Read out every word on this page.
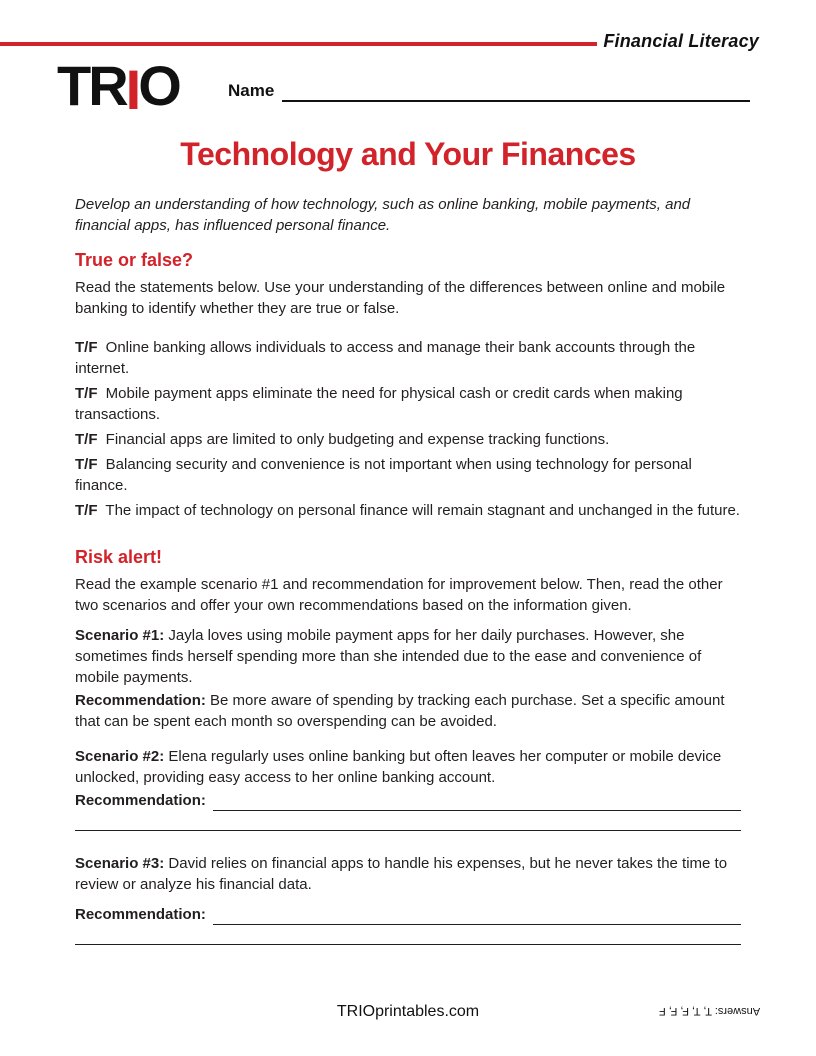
Financial Literacy
TRIO	Name
Technology and Your Finances

Develop an understanding of how technology, such as online banking, mobile payments, and financial apps, has influenced personal finance.

True or false?

Read the statements below. Use your understanding of the differences between online and mobile banking to identify whether they are true or false.

T/F Online banking allows individuals to access and manage their bank accounts through the internet.

T/F Mobile payment apps eliminate the need for physical cash or credit cards when making transactions.

T/F Financial apps are limited to only budgeting and expense tracking functions.

T/F Balancing security and convenience is not important when using technology for personal finance.

T/F The impact of technology on personal finance will remain stagnant and unchanged in the future.

Risk alert!

Read the example scenario #1 and recommendation for improvement below. Then, read the other two scenarios and offer your own recommendations based on the information given.

Scenario #1: Jayla loves using mobile payment apps for her daily purchases. However, she sometimes finds herself spending more than she intended due to the ease and convenience of mobile payments.

Recommendation: Be more aware of spending by tracking each purchase. Set a specific amount that can be spent each month so overspending can be avoided.

Scenario #2: Elena regularly uses online banking but often leaves her computer or mobile device unlocked, providing easy access to her online banking account.

Recommendation:

Scenario #3: David relies on financial apps to handle his expenses, but he never takes the time to review or analyze his financial data.

Recommendation:
TRIOprintables.com	Answers: T, T, F, F, F
